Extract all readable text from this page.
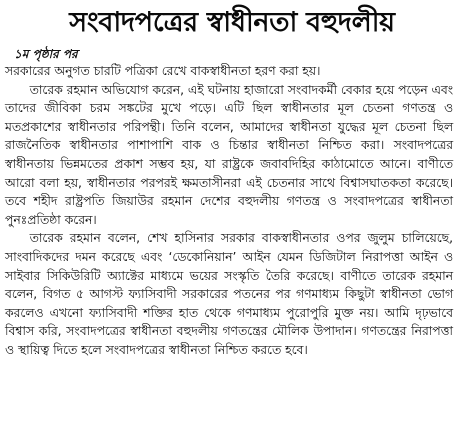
সংবাদপত্রের স্বাধীনতা বহুদলীয়
১ম পৃষ্ঠার পর

সরকারের অনুগত চারটি পত্রিকা রেখে বাকস্বাধীনতা হরণ করা হয়।

তারেক রহমান অভিযোগ করেন, এই ঘটনায় হাজারো সংবাদকর্মী বেকার হয়ে পড়েন এবং তাদের জীবিকা চরম সঙ্কটের মুখে পড়ে। এটি ছিল স্বাধীনতার মূল চেতনা গণতন্ত্র ও মতপ্রকাশের স্বাধীনতার পরিপন্থী। তিনি বলেন, আমাদের স্বাধীনতা যুদ্ধের মূল চেতনা ছিল রাজনৈতিক স্বাধীনতার পাশাপাশি বাক ও চিন্তার স্বাধীনতা নিশ্চিত করা। সংবাদপত্রের স্বাধীনতায় ভিন্নমতের প্রকাশ সম্ভব হয়, যা রাষ্ট্রকে জবাবদিহির কাঠামোতে আনে। বাণীতে আরো বলা হয়, স্বাধীনতার পরপরই ক্ষমতাসীনরা এই চেতনার সাথে বিশ্বাসঘাতকতা করেছে। তবে শহীদ রাষ্ট্রপতি জিয়াউর রহমান দেশের বহুদলীয় গণতন্ত্র ও সংবাদপত্রের স্বাধীনতা পুনঃপ্রতিষ্ঠা করেন।

তারেক রহমান বলেন, শেখ হাসিনার সরকার বাকস্বাধীনতার ওপর জুলুম চালিয়েছে, সাংবাদিকদের দমন করেছে এবং ‘ডেকোনিয়ান’ আইন যেমন ডিজিটাল নিরাপত্তা আইন ও সাইবার সিকিউরিটি অ্যাক্টের মাধ্যমে ভয়ের সংস্কৃতি তৈরি করেছে। বাণীতে তারেক রহমান বলেন, বিগত ৫ আগস্ট ফ্যাসিবাদী সরকারের পতনের পর গণমাধ্যম কিছুটা স্বাধীনতা ভোগ করলেও এখনো ফ্যাসিবাদী শক্তির হাত থেকে গণমাধ্যম পুরোপুরি মুক্ত নয়। আমি দৃঢ়ভাবে বিশ্বাস করি, সংবাদপত্রের স্বাধীনতা বহুদলীয় গণতন্ত্রের মৌলিক উপাদান। গণতন্ত্রের নিরাপত্তা ও স্থায়িত্ব দিতে হলে সংবাদপত্রের স্বাধীনতা নিশ্চিত করতে হবে।
